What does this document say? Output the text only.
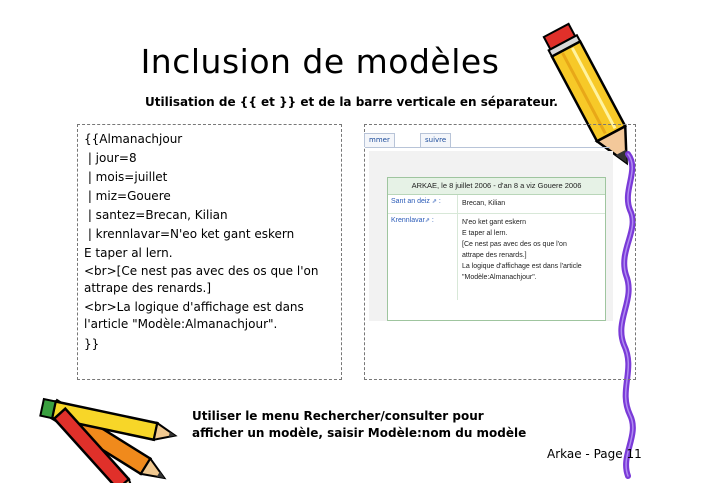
Inclusion de modèles
Utilisation de {{ et }} et de la barre verticale en séparateur.
{{Almanachjour
| jour=8
| mois=juillet
| miz=Gouere
| santez=Brecan, Kilian
| krennlavar=N'eo ket gant eskern
E taper al lern.
<br>[Ce nest pas avec des os que l'on attrape des renards.]
<br>La logique d'affichage est dans l'article "Modèle:Almanachjour".
}}
mmer	suivre
ARKAE, le 8 juillet 2006 - d'an 8 a viz Gouere 2006
Sant an deiz ⇗ :	Brecan, Kilian
Krennlavar⇗ :	N'eo ket gant eskern
E taper al lern.
[Ce nest pas avec des os que l'on
attrape des renards.]
La logique d'affichage est dans l'article
"Modèle:Almanachjour".
Utiliser le menu Rechercher/consulter pour
afficher un modèle, saisir Modèle:nom du modèle
Arkae - Page 11
